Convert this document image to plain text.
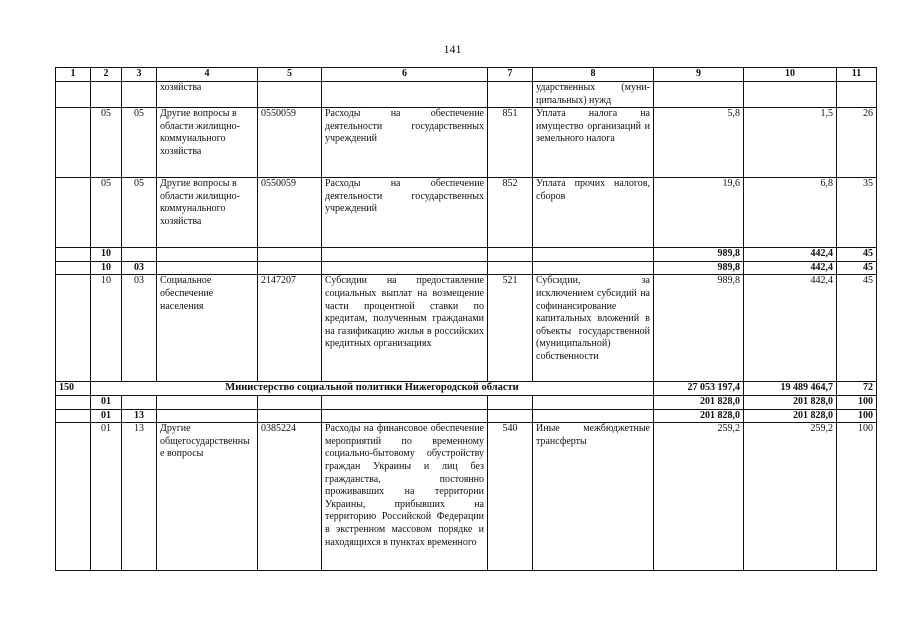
141
1	2	3	4	5	6	7	8	9	10	11
			хозяйства				ударственных (муни-ципальных) нужд			
	05	05	Другие вопросы в области жилищно-коммунального хозяйства	0550059	Расходы на обеспечение деятельности государственных учреждений	851	Уплата налога на имущество организаций и земельного налога	5,8	1,5	26
	05	05	Другие вопросы в области жилищно-коммунального хозяйства	0550059	Расходы на обеспечение деятельности государственных учреждений	852	Уплата прочих налогов, сборов	19,6	6,8	35
	10							989,8	442,4	45
	10	03						989,8	442,4	45
	10	03	Социальное обеспечение населения	2147207	Субсидии на предоставление социальных выплат на возмещение части процентной ставки по кредитам, полученным гражданами на газификацию жилья в российских кредитных организациях	521	Субсидии, за исключением субсидий на софинансирование капитальных вложений в объекты государственной (муниципальной) собственности	989,8	442,4	45
150	Министерство социальной политики Нижегородской области							27 053 197,4	19 489 464,7	72
	01							201 828,0	201 828,0	100
	01	13						201 828,0	201 828,0	100
	01	13	Другие общегосударственные вопросы	0385224	Расходы на финансовое обеспечение мероприятий по временному социально-бытовому обустройству граждан Украины и лиц без гражданства, постоянно проживавших на территории Украины, прибывших на территорию Российской Федерации в экстренном массовом порядке и находящихся в пунктах временного	540	Иные межбюджетные трансферты	259,2	259,2	100
